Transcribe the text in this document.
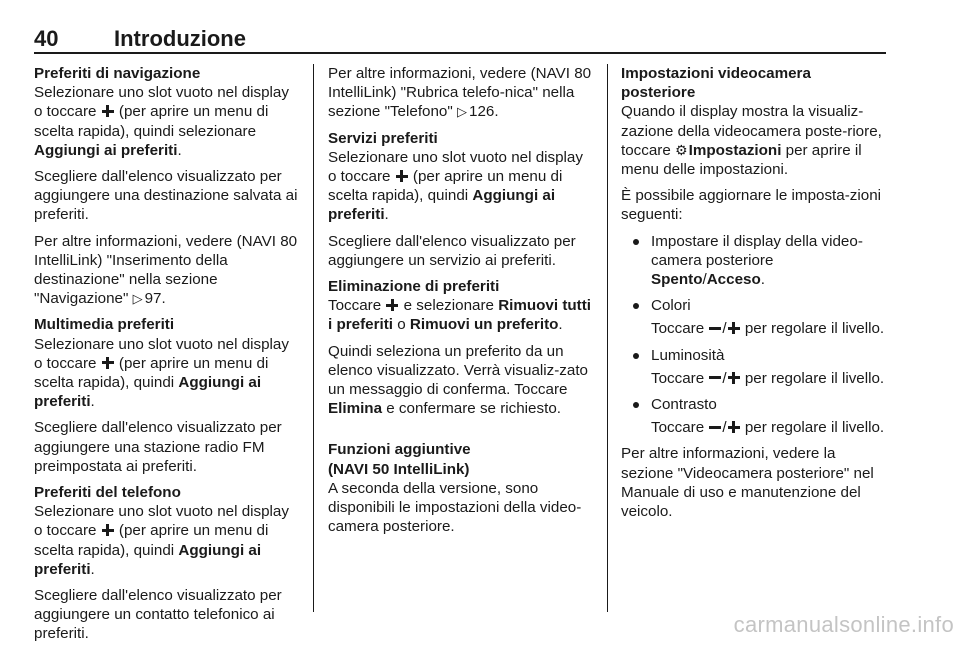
40	Introduzione
Preferiti di navigazione

Selezionare uno slot vuoto nel display o toccare  (per aprire un menu di scelta rapida), quindi selezionare Aggiungi ai preferiti.

Scegliere dall'elenco visualizzato per aggiungere una destinazione salvata ai preferiti.

Per altre informazioni, vedere (NAVI 80 IntelliLink) "Inserimento della destinazione" nella sezione "Navigazione" ▷ 97.

Multimedia preferiti

Selezionare uno slot vuoto nel display o toccare  (per aprire un menu di scelta rapida), quindi Aggiungi ai preferiti.

Scegliere dall'elenco visualizzato per aggiungere una stazione radio FM preimpostata ai preferiti.

Preferiti del telefono

Selezionare uno slot vuoto nel display o toccare  (per aprire un menu di scelta rapida), quindi Aggiungi ai preferiti.

Scegliere dall'elenco visualizzato per aggiungere un contatto telefonico ai preferiti.

Per altre informazioni, vedere (NAVI 80 IntelliLink) "Rubrica telefo-nica" nella sezione "Telefono" ▷ 126.

Servizi preferiti

Selezionare uno slot vuoto nel display o toccare  (per aprire un menu di scelta rapida), quindi Aggiungi ai preferiti.

Scegliere dall'elenco visualizzato per aggiungere un servizio ai preferiti.

Eliminazione di preferiti

Toccare  e selezionare Rimuovi tutti i preferiti o Rimuovi un preferito.

Quindi seleziona un preferito da un elenco visualizzato. Verrà visualiz-zato un messaggio di conferma. Toccare Elimina e confermare se richiesto.

Funzioni aggiuntive
(NAVI 50 IntelliLink)

A seconda della versione, sono disponibili le impostazioni della video-camera posteriore.

Impostazioni videocamera posteriore

Quando il display mostra la visualiz-zazione della videocamera poste-riore, toccare ⚙Impostazioni per aprire il menu delle impostazioni.

È possibile aggiornare le imposta-zioni seguenti:

Impostare il display della video-camera posteriore Spento/Acceso.
Colori
Toccare / per regolare il livello.
Luminosità
Toccare / per regolare il livello.
Contrasto
Toccare / per regolare il livello.

Per altre informazioni, vedere la sezione "Videocamera posteriore" nel Manuale di uso e manutenzione del veicolo.

carmanualsonline.info
